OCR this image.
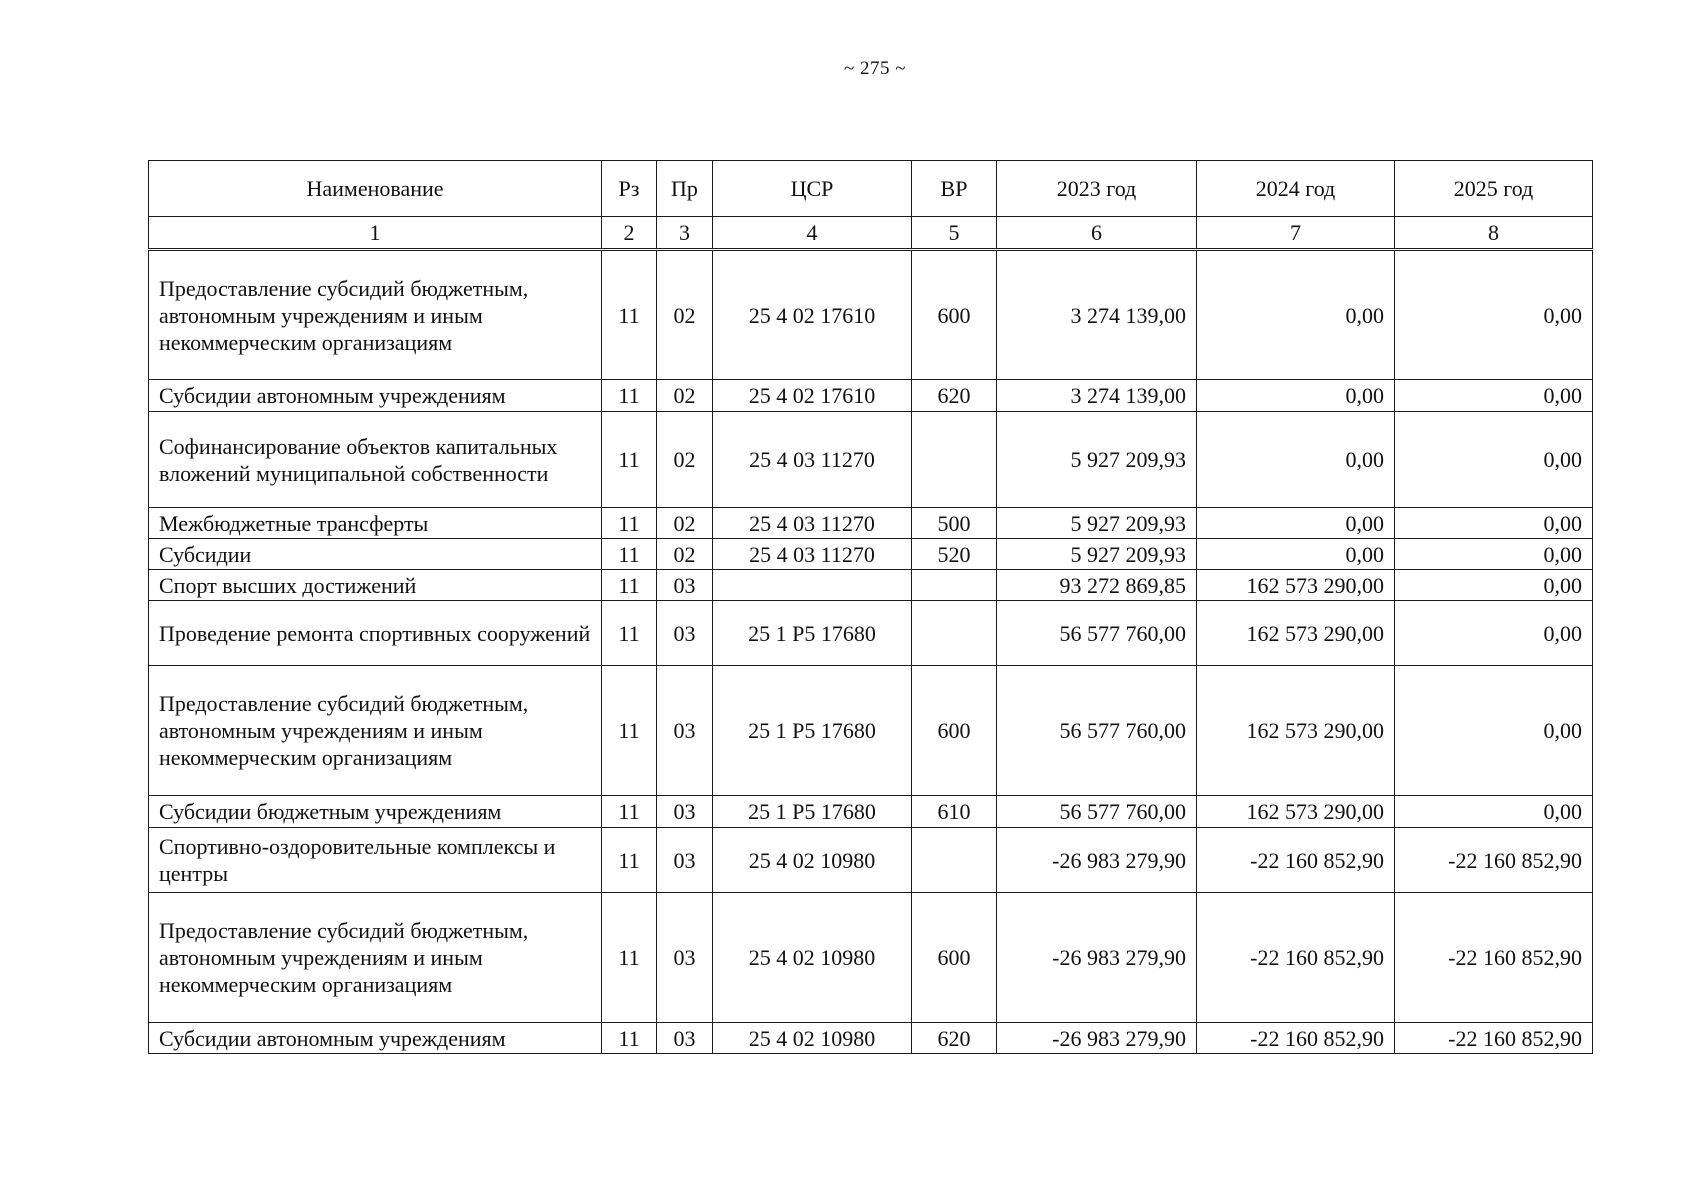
~ 275 ~
Наименование	Рз	Пр	ЦСР	ВР	2023 год	2024 год	2025 год
1	2	3	4	5	6	7	8
Предоставление субсидий бюджетным, автономным учреждениям и иным некоммерческим организациям	11	02	25 4 02 17610	600	3 274 139,00	0,00	0,00
Субсидии автономным учреждениям	11	02	25 4 02 17610	620	3 274 139,00	0,00	0,00
Софинансирование объектов капитальных вложений муниципальной собственности	11	02	25 4 03 11270		5 927 209,93	0,00	0,00
Межбюджетные трансферты	11	02	25 4 03 11270	500	5 927 209,93	0,00	0,00
Субсидии	11	02	25 4 03 11270	520	5 927 209,93	0,00	0,00
Спорт высших достижений	11	03			93 272 869,85	162 573 290,00	0,00
Проведение ремонта спортивных сооружений	11	03	25 1 Р5 17680		56 577 760,00	162 573 290,00	0,00
Предоставление субсидий бюджетным, автономным учреждениям и иным некоммерческим организациям	11	03	25 1 Р5 17680	600	56 577 760,00	162 573 290,00	0,00
Субсидии бюджетным учреждениям	11	03	25 1 Р5 17680	610	56 577 760,00	162 573 290,00	0,00
Спортивно-оздоровительные комплексы и центры	11	03	25 4 02 10980		-26 983 279,90	-22 160 852,90	-22 160 852,90
Предоставление субсидий бюджетным, автономным учреждениям и иным некоммерческим организациям	11	03	25 4 02 10980	600	-26 983 279,90	-22 160 852,90	-22 160 852,90
Субсидии автономным учреждениям	11	03	25 4 02 10980	620	-26 983 279,90	-22 160 852,90	-22 160 852,90
